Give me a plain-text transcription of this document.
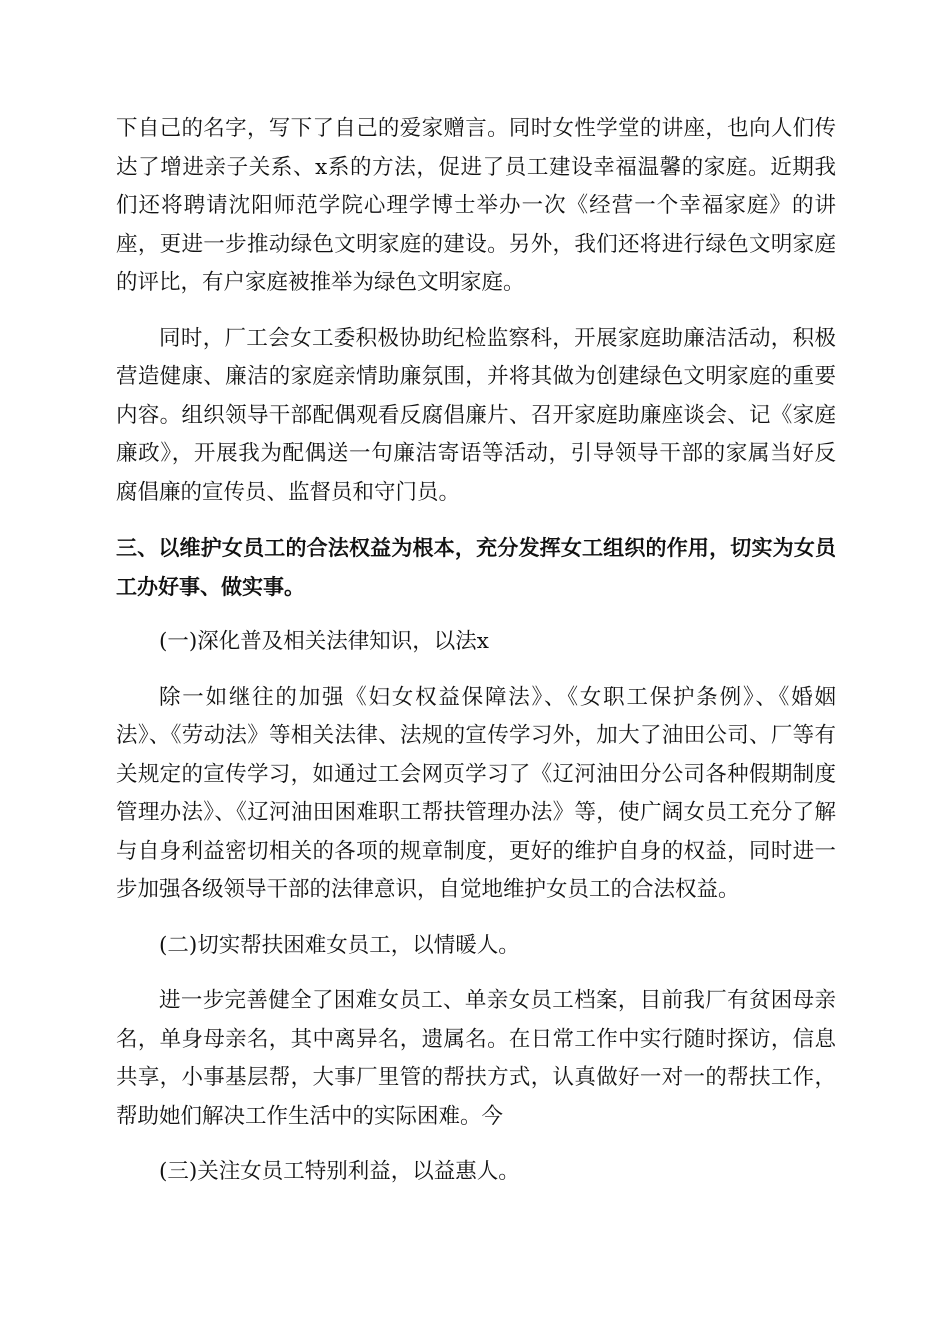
下自己的名字，写下了自己的爱家赠言。同时女性学堂的讲座，也向人们传达了增进亲子关系、x系的方法，促进了员工建设幸福温馨的家庭。近期我们还将聘请沈阳师范学院心理学博士举办一次《经营一个幸福家庭》的讲座，更进一步推动绿色文明家庭的建设。另外，我们还将进行绿色文明家庭的评比，有户家庭被推举为绿色文明家庭。

同时，厂工会女工委积极协助纪检监察科，开展家庭助廉洁活动，积极营造健康、廉洁的家庭亲情助廉氛围，并将其做为创建绿色文明家庭的重要内容。组织领导干部配偶观看反腐倡廉片、召开家庭助廉座谈会、记《家庭廉政》，开展我为配偶送一句廉洁寄语等活动，引导领导干部的家属当好反腐倡廉的宣传员、监督员和守门员。

三、以维护女员工的合法权益为根本，充分发挥女工组织的作用，切实为女员工办好事、做实事。

(一)深化普及相关法律知识，以法x

除一如继往的加强《妇女权益保障法》、《女职工保护条例》、《婚姻法》、《劳动法》等相关法律、法规的宣传学习外，加大了油田公司、厂等有关规定的宣传学习，如通过工会网页学习了《辽河油田分公司各种假期制度管理办法》、《辽河油田困难职工帮扶管理办法》等，使广阔女员工充分了解与自身利益密切相关的各项的规章制度，更好的维护自身的权益，同时进一步加强各级领导干部的法律意识，自觉地维护女员工的合法权益。

(二)切实帮扶困难女员工，以情暖人。

进一步完善健全了困难女员工、单亲女员工档案，目前我厂有贫困母亲名，单身母亲名，其中离异名，遗属名。在日常工作中实行随时探访，信息共享，小事基层帮，大事厂里管的帮扶方式，认真做好一对一的帮扶工作，帮助她们解决工作生活中的实际困难。今

(三)关注女员工特别利益，以益惠人。
